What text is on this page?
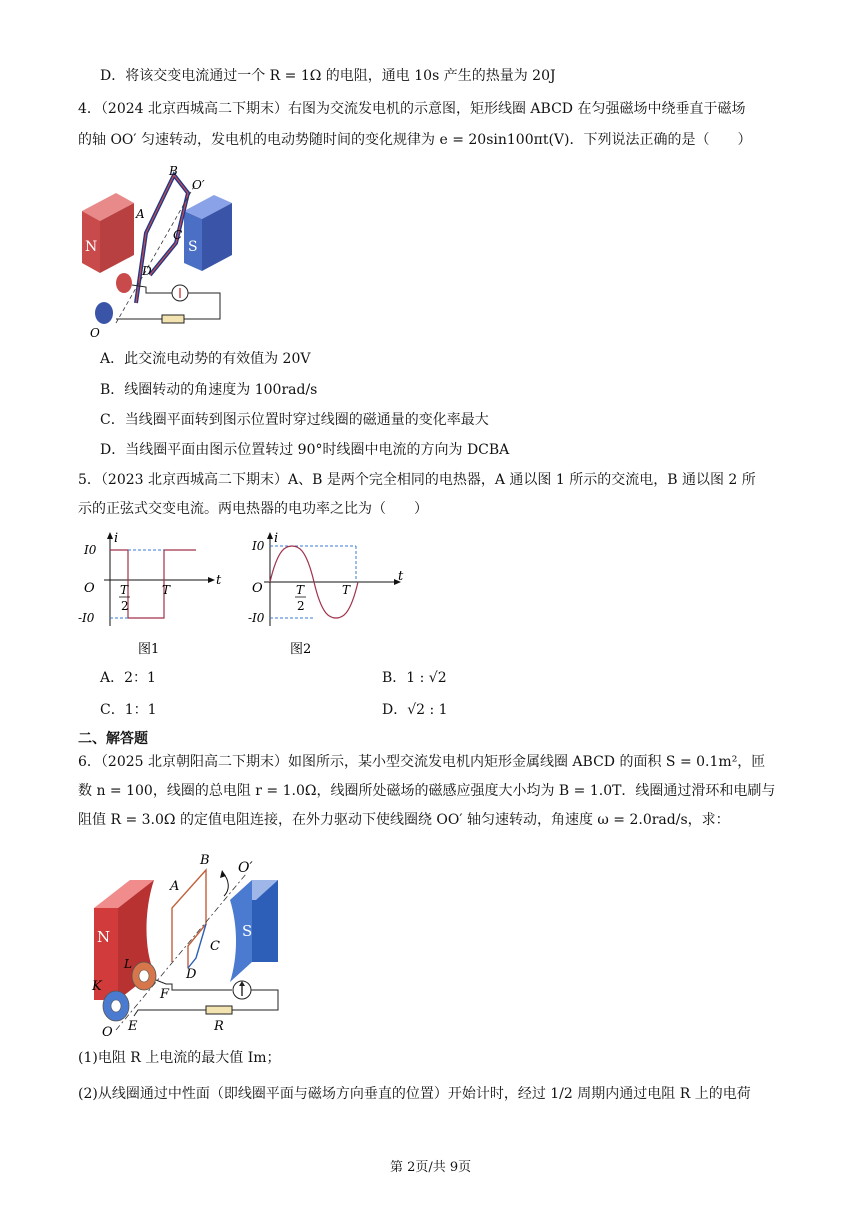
D．将该交变电流通过一个 R = 1Ω 的电阻，通电 10s 产生的热量为 20J
4．（2024 北京西城高二下期末）右图为交流发电机的示意图，矩形线圈 ABCD 在匀强磁场中绕垂直于磁场
的轴 OO′ 匀速转动，发电机的电动势随时间的变化规律为 e = 20sin100πt(V)．下列说法正确的是（　　）
N	S
B
O′
A
C
D
O
A．此交流电动势的有效值为 20V
B．线圈转动的角速度为 100rad/s
C．当线圈平面转到图示位置时穿过线圈的磁通量的变化率最大
D．当线圈平面由图示位置转过 90°时线圈中电流的方向为 DCBA
5．（2023 北京西城高二下期末）A、B 是两个完全相同的电热器，A 通以图 1 所示的交流电，B 通以图 2 所
示的正弦式交变电流。两电热器的电功率之比为（　　）
i
t
O
I0
-I0
T
2
T
图1
i
t
O
I0
-I0
T
2
T
图2
A．2：1	B．1 : √2
C．1：1	D．√2 : 1
二、解答题
6．（2025 北京朝阳高二下期末）如图所示，某小型交流发电机内矩形金属线圈 ABCD 的面积 S = 0.1m²，匝
数 n = 100，线圈的总电阻 r = 1.0Ω，线圈所处磁场的磁感应强度大小均为 B = 1.0T．线圈通过滑环和电刷与
阻值 R = 3.0Ω 的定值电阻连接，在外力驱动下使线圈绕 OO′ 轴匀速转动，角速度 ω = 2.0rad/s，求：
N	S
B O′
A
C
D
L
F
K
E
O	R
(1)电阻 R 上电流的最大值 Im；
(2)从线圈通过中性面（即线圈平面与磁场方向垂直的位置）开始计时，经过 1/2 周期内通过电阻 R 上的电荷
第 2页/共 9页
